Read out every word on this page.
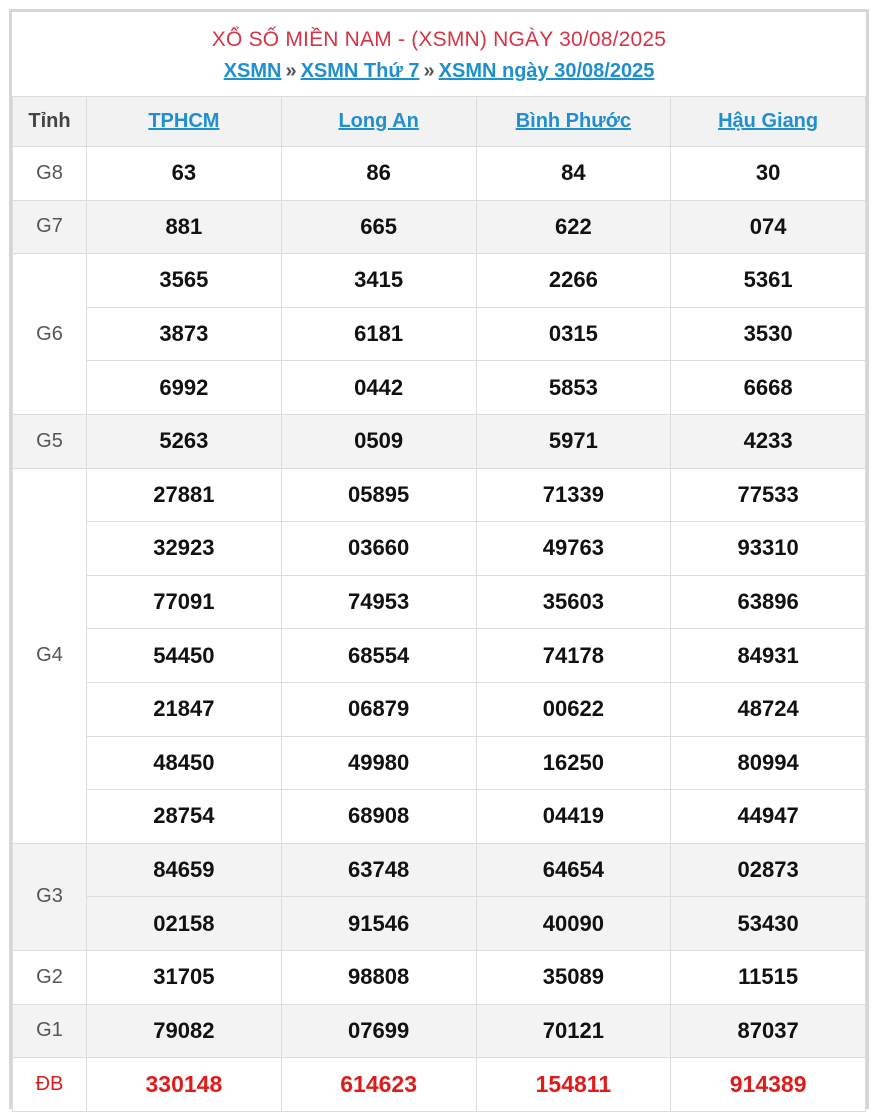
XỔ SỐ MIỀN NAM - (XSMN) NGÀY 30/08/2025
XSMN » XSMN Thứ 7 » XSMN ngày 30/08/2025
Tỉnh	TPHCM	Long An	Bình Phước	Hậu Giang
G8	63	86	84	30
G7	881	665	622	074
G6	3565	3415	2266	5361
	3873	6181	0315	3530
	6992	0442	5853	6668
G5	5263	0509	5971	4233
G4	27881	05895	71339	77533
	32923	03660	49763	93310
	77091	74953	35603	63896
	54450	68554	74178	84931
	21847	06879	00622	48724
	48450	49980	16250	80994
	28754	68908	04419	44947
G3	84659	63748	64654	02873
	02158	91546	40090	53430
G2	31705	98808	35089	11515
G1	79082	07699	70121	87037
ĐB	330148	614623	154811	914389
